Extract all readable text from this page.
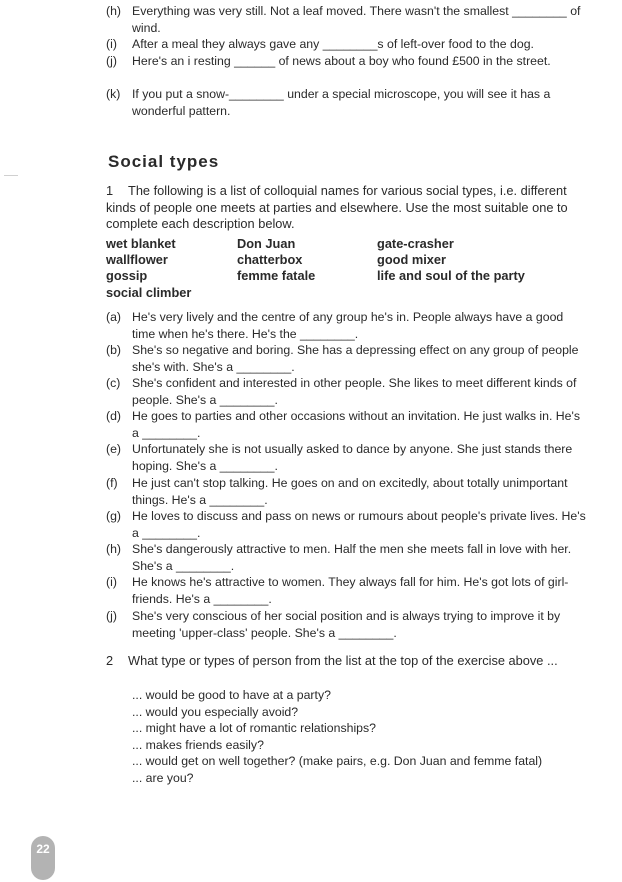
(h) Everything was very still. Not a leaf moved. There wasn't the smallest ________ of wind.
(i) After a meal they always gave any ________s of left-over food to the dog.
(j) Here's an i resting ______ of news about a boy who found £500 in the street.
(k) If you put a snow-________ under a special microscope, you will see it has a wonderful pattern.
Social types
1 The following is a list of colloquial names for various social types, i.e. different kinds of people one meets at parties and elsewhere. Use the most suitable one to complete each description below.
wet blanket	Don Juan	gate-crasher
wallflower	chatterbox	good mixer
gossip	femme fatale	life and soul of the party
social climber
(a) He's very lively and the centre of any group he's in. People always have a good time when he's there. He's the ________.
(b) She's so negative and boring. She has a depressing effect on any group of people she's with. She's a ________.
(c) She's confident and interested in other people. She likes to meet different kinds of people. She's a ________.
(d) He goes to parties and other occasions without an invitation. He just walks in. He's a ________.
(e) Unfortunately she is not usually asked to dance by anyone. She just stands there hoping. She's a ________.
(f) He just can't stop talking. He goes on and on excitedly, about totally unimportant things. He's a ________.
(g) He loves to discuss and pass on news or rumours about people's private lives. He's a ________.
(h) She's dangerously attractive to men. Half the men she meets fall in love with her. She's a ________.
(i) He knows he's attractive to women. They always fall for him. He's got lots of girl-friends. He's a ________.
(j) She's very conscious of her social position and is always trying to improve it by meeting 'upper-class' people. She's a ________.
2 What type or types of person from the list at the top of the exercise above ...
... would be good to have at a party?
... would you especially avoid?
... might have a lot of romantic relationships?
... makes friends easily?
... would get on well together? (make pairs, e.g. Don Juan and femme fatal)
... are you?
22
